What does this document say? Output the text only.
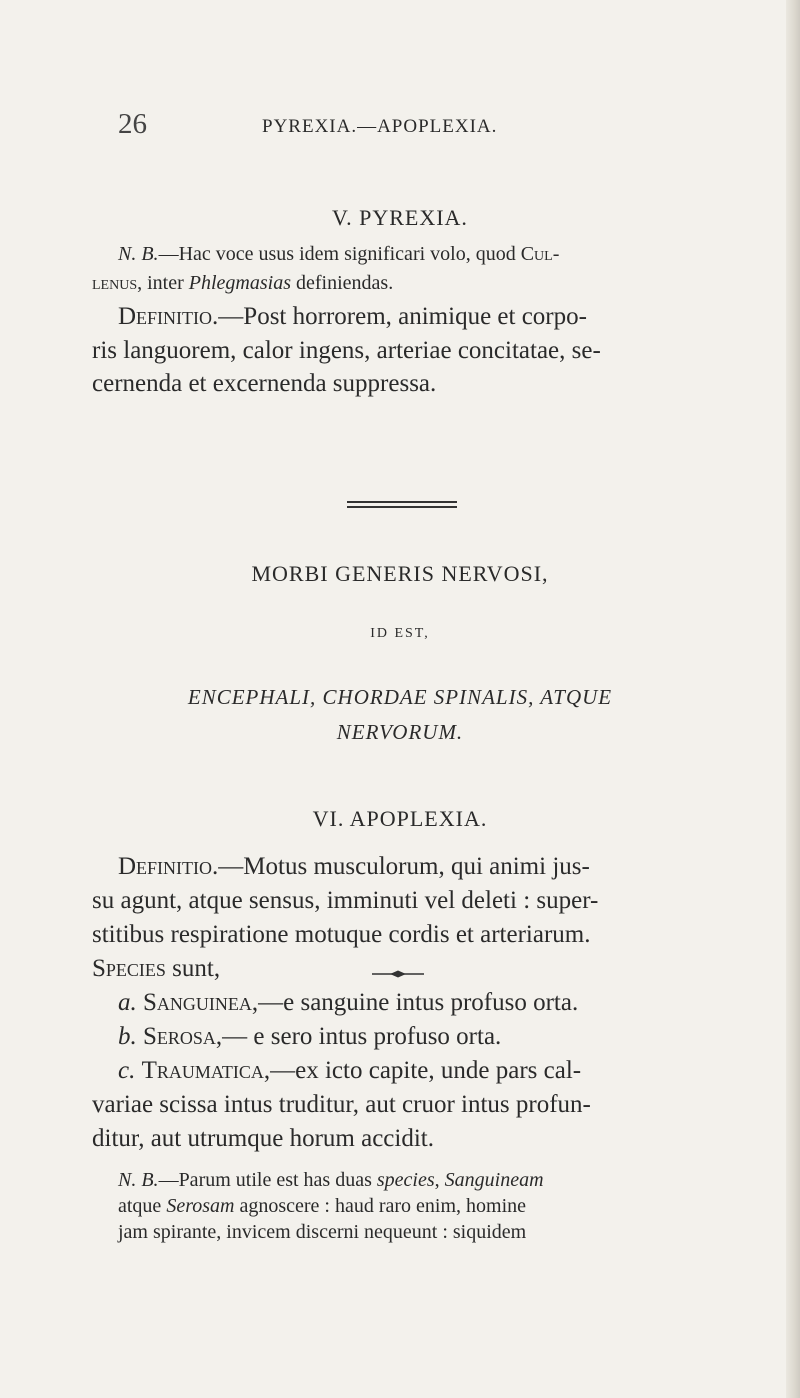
26	PYREXIA.—APOPLEXIA.
V. PYREXIA.
N. B.—Hac voce usus idem significari volo, quod Cul-
lenus, inter Phlegmasias definiendas.
Definitio.—Post horrorem, animique et corpo-
ris languorem, calor ingens, arteriae concitatae, se-
cernenda et excernenda suppressa.
MORBI GENERIS NERVOSI,
ID EST,
ENCEPHALI, CHORDAE SPINALIS, ATQUE
NERVORUM.
VI. APOPLEXIA.
Definitio.—Motus musculorum, qui animi jus-
su agunt, atque sensus, imminuti vel deleti : super-
stitibus respiratione motuque cordis et arteriarum.
Species sunt,
a. Sanguinea,—e sanguine intus profuso orta.
b. Serosa,— e sero intus profuso orta.
c. Traumatica,—ex icto capite, unde pars cal-
variae scissa intus truditur, aut cruor intus profun-
ditur, aut utrumque horum accidit.
N. B.—Parum utile est has duas species, Sanguineam
atque Serosam agnoscere : haud raro enim, homine
jam spirante, invicem discerni nequeunt : siquidem
